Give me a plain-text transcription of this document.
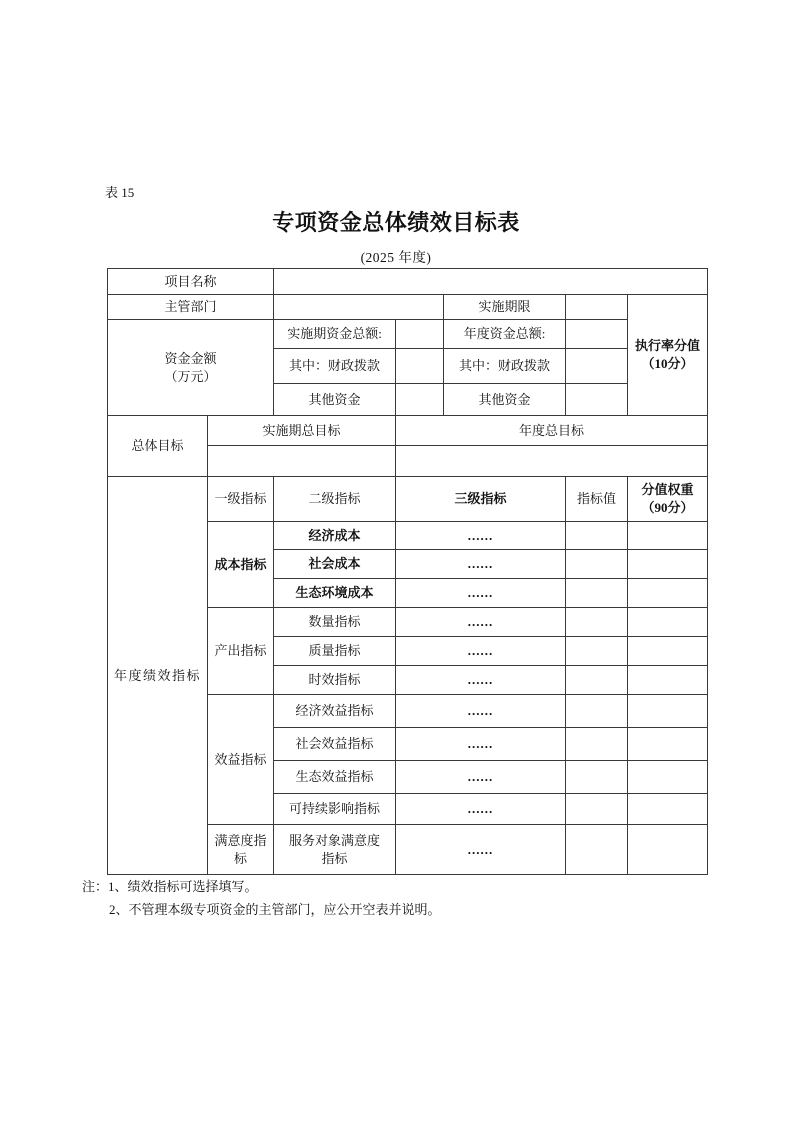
表 15
专项资金总体绩效目标表
(2025 年度)
项目名称						
主管部门				实施期限		执行率分值（10分）

资金金额
（万元）		实施期资金总额:		年度资金总额:		
		其中：财政拨款		其中：财政拨款		
		其他资金		其他资金		
总体目标	实施期总目标		年度总目标			

年度绩效指标	一级指标	二级指标	三级指标		指标值	分值权重（90分）
	成本指标	经济成本	......			
		社会成本	......			
		生态环境成本	......			
	产出指标	数量指标	......			
		质量指标	......			
		时效指标	......			
	效益指标	经济效益指标	......			
		社会效益指标	......			
		生态效益指标	......			
		可持续影响指标	......			
	满意度指标	服务对象满意度
指标	......			
注：1、绩效指标可选择填写。
2、不管理本级专项资金的主管部门，应公开空表并说明。
